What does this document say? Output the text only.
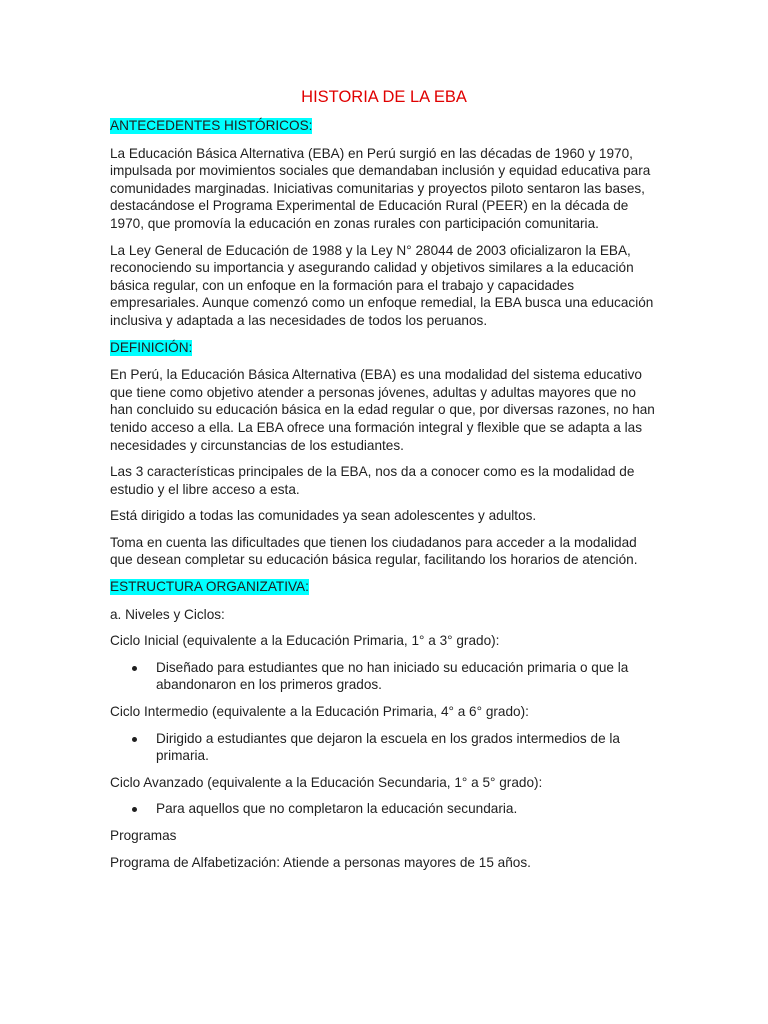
HISTORIA DE LA EBA

ANTECEDENTES HISTÓRICOS:

La Educación Básica Alternativa (EBA) en Perú surgió en las décadas de 1960 y 1970, impulsada por movimientos sociales que demandaban inclusión y equidad educativa para comunidades marginadas. Iniciativas comunitarias y proyectos piloto sentaron las bases, destacándose el Programa Experimental de Educación Rural (PEER) en la década de 1970, que promovía la educación en zonas rurales con participación comunitaria.

La Ley General de Educación de 1988 y la Ley N° 28044 de 2003 oficializaron la EBA, reconociendo su importancia y asegurando calidad y objetivos similares a la educación básica regular, con un enfoque en la formación para el trabajo y capacidades empresariales. Aunque comenzó como un enfoque remedial, la EBA busca una educación inclusiva y adaptada a las necesidades de todos los peruanos.

DEFINICIÓN:

En Perú, la Educación Básica Alternativa (EBA) es una modalidad del sistema educativo que tiene como objetivo atender a personas jóvenes, adultas y adultas mayores que no han concluido su educación básica en la edad regular o que, por diversas razones, no han tenido acceso a ella. La EBA ofrece una formación integral y flexible que se adapta a las necesidades y circunstancias de los estudiantes.

Las 3 características principales de la EBA, nos da a conocer como es la modalidad de estudio y el libre acceso a esta.

Está dirigido a todas las comunidades ya sean adolescentes y adultos.

Toma en cuenta las dificultades que tienen los ciudadanos para acceder a la modalidad que desean completar su educación básica regular, facilitando los horarios de atención.

ESTRUCTURA ORGANIZATIVA:

a. Niveles y Ciclos:

Ciclo Inicial (equivalente a la Educación Primaria, 1° a 3° grado):

Diseñado para estudiantes que no han iniciado su educación primaria o que la abandonaron en los primeros grados.

Ciclo Intermedio (equivalente a la Educación Primaria, 4° a 6° grado):

Dirigido a estudiantes que dejaron la escuela en los grados intermedios de la primaria.

Ciclo Avanzado (equivalente a la Educación Secundaria, 1° a 5° grado):

Para aquellos que no completaron la educación secundaria.

Programas

Programa de Alfabetización: Atiende a personas mayores de 15 años.
